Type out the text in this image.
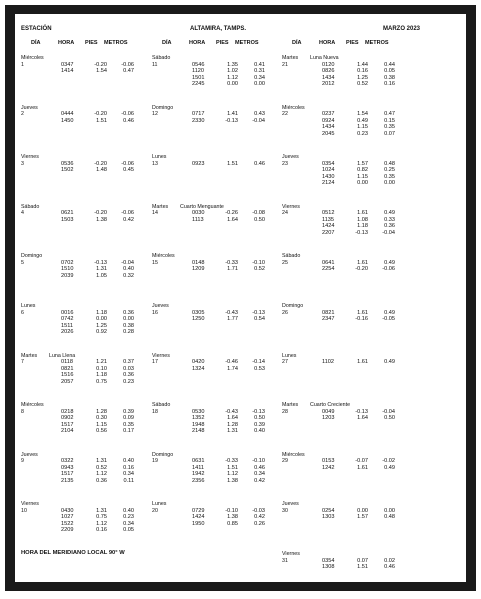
ESTACIÓN	ALTAMIRA, TAMPS.	MARZO 2023
HORA DEL MERIDIANO LOCAL 90° W
DÍA	HORA PIES METROS	DÍA	HORA PIES METROS	DÍA	HORA PIES METROS
Miércoles
1	0347	-0.20	-0.06
1414	1.54	0.47
Jueves
2	0444	-0.20	-0.06
1450	1.51	0.46
Viernes
3	0536	-0.20	-0.06
1502	1.48	0.45
Sábado
4	0621	-0.20	-0.06
1503	1.38	0.42
Domingo
5	0702	-0.13	-0.04
1510	1.31	0.40
2039	1.05	0.32
Lunes
6	0016	1.18	0.36
0742	0.00	0.00
1511	1.25	0.38
2026	0.92	0.28
Martes Luna Llena
7	0118	1.21	0.37
0821	0.10	0.03
1516	1.18	0.36
2057	0.75	0.23
Miércoles
8	0218	1.28	0.39
0902	0.30	0.09
1517	1.15	0.35
2104	0.56	0.17
Jueves
9	0322	1.31	0.40
0943	0.52	0.16
1517	1.12	0.34
2135	0.36	0.11
Viernes
10	0430	1.31	0.40
1027	0.75	0.23
1522	1.12	0.34
2209	0.16	0.05
Sábado
11	0546	1.35	0.41
1120	1.02	0.31
1501	1.12	0.34
2245	0.00	0.00
Domingo
12	0717	1.41	0.43
2330	-0.13	-0.04
Lunes
13	0923	1.51	0.46
Martes Cuarto Menguante
14	0030	-0.26	-0.08
1113	1.64	0.50
Miércoles
15	0148	-0.33	-0.10
1209	1.71	0.52
Jueves
16	0305	-0.43	-0.13
1250	1.77	0.54
Viernes
17	0420	-0.46	-0.14
1324	1.74	0.53
Sábado
18	0530	-0.43	-0.13
1352	1.64	0.50
1948	1.28	0.39
2148	1.31	0.40
Domingo
19	0631	-0.33	-0.10
1411	1.51	0.46
1942	1.12	0.34
2356	1.38	0.42
Lunes
20	0729	-0.10	-0.03
1424	1.38	0.42
1950	0.85	0.26
Martes Luna Nueva
21	0120	1.44	0.44
0826	0.16	0.05
1434	1.25	0.38
2012	0.52	0.16
Miércoles
22	0237	1.54	0.47
0924	0.49	0.15
1434	1.15	0.35
2045	0.23	0.07
Jueves
23	0354	1.57	0.48
1024	0.82	0.25
1430	1.15	0.35
2124	0.00	0.00
Viernes
24	0512	1.61	0.49
1135	1.08	0.33
1424	1.18	0.36
2207	-0.13	-0.04
Sábado
25	0641	1.61	0.49
2254	-0.20	-0.06
Domingo
26	0821	1.61	0.49
2347	-0.16	-0.05
Lunes
27	1102	1.61	0.49
Martes Cuarto Creciente
28	0049	-0.13	-0.04
1203	1.64	0.50
Miércoles
29	0153	-0.07	-0.02
1242	1.61	0.49
Jueves
30	0254	0.00	0.00
1303	1.57	0.48
Viernes
31	0354	0.07	0.02
1308	1.51	0.46
